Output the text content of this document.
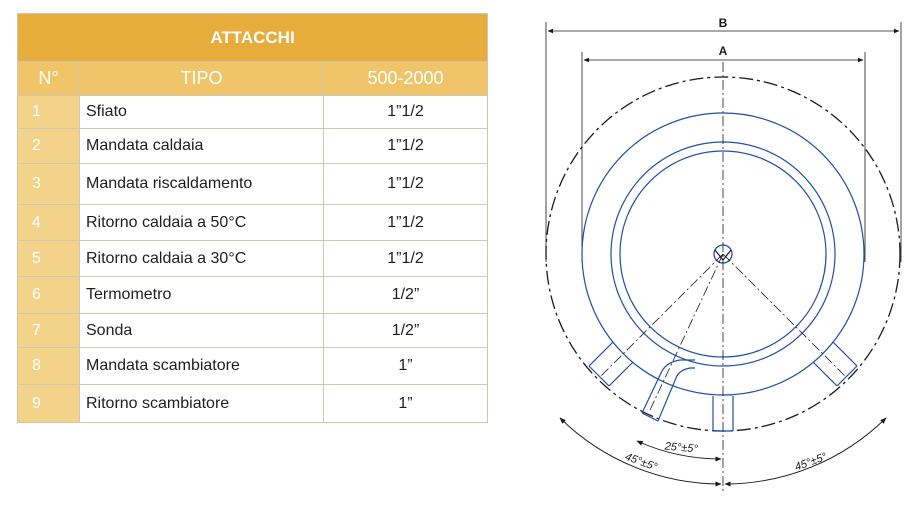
ATTACCHI		
N°	TIPO	500-2000
1	Sfiato	1”1/2
2	Mandata caldaia	1”1/2
3	Mandata riscaldamento	1”1/2
4	Ritorno caldaia a 50°C	1”1/2
5	Ritorno caldaia a 30°C	1”1/2
6	Termometro	1/2”
7	Sonda	1/2”
8	Mandata scambiatore	1”
9	Ritorno scambiatore	1”
B
A
45°±5°	45°±5°
25°±5°
